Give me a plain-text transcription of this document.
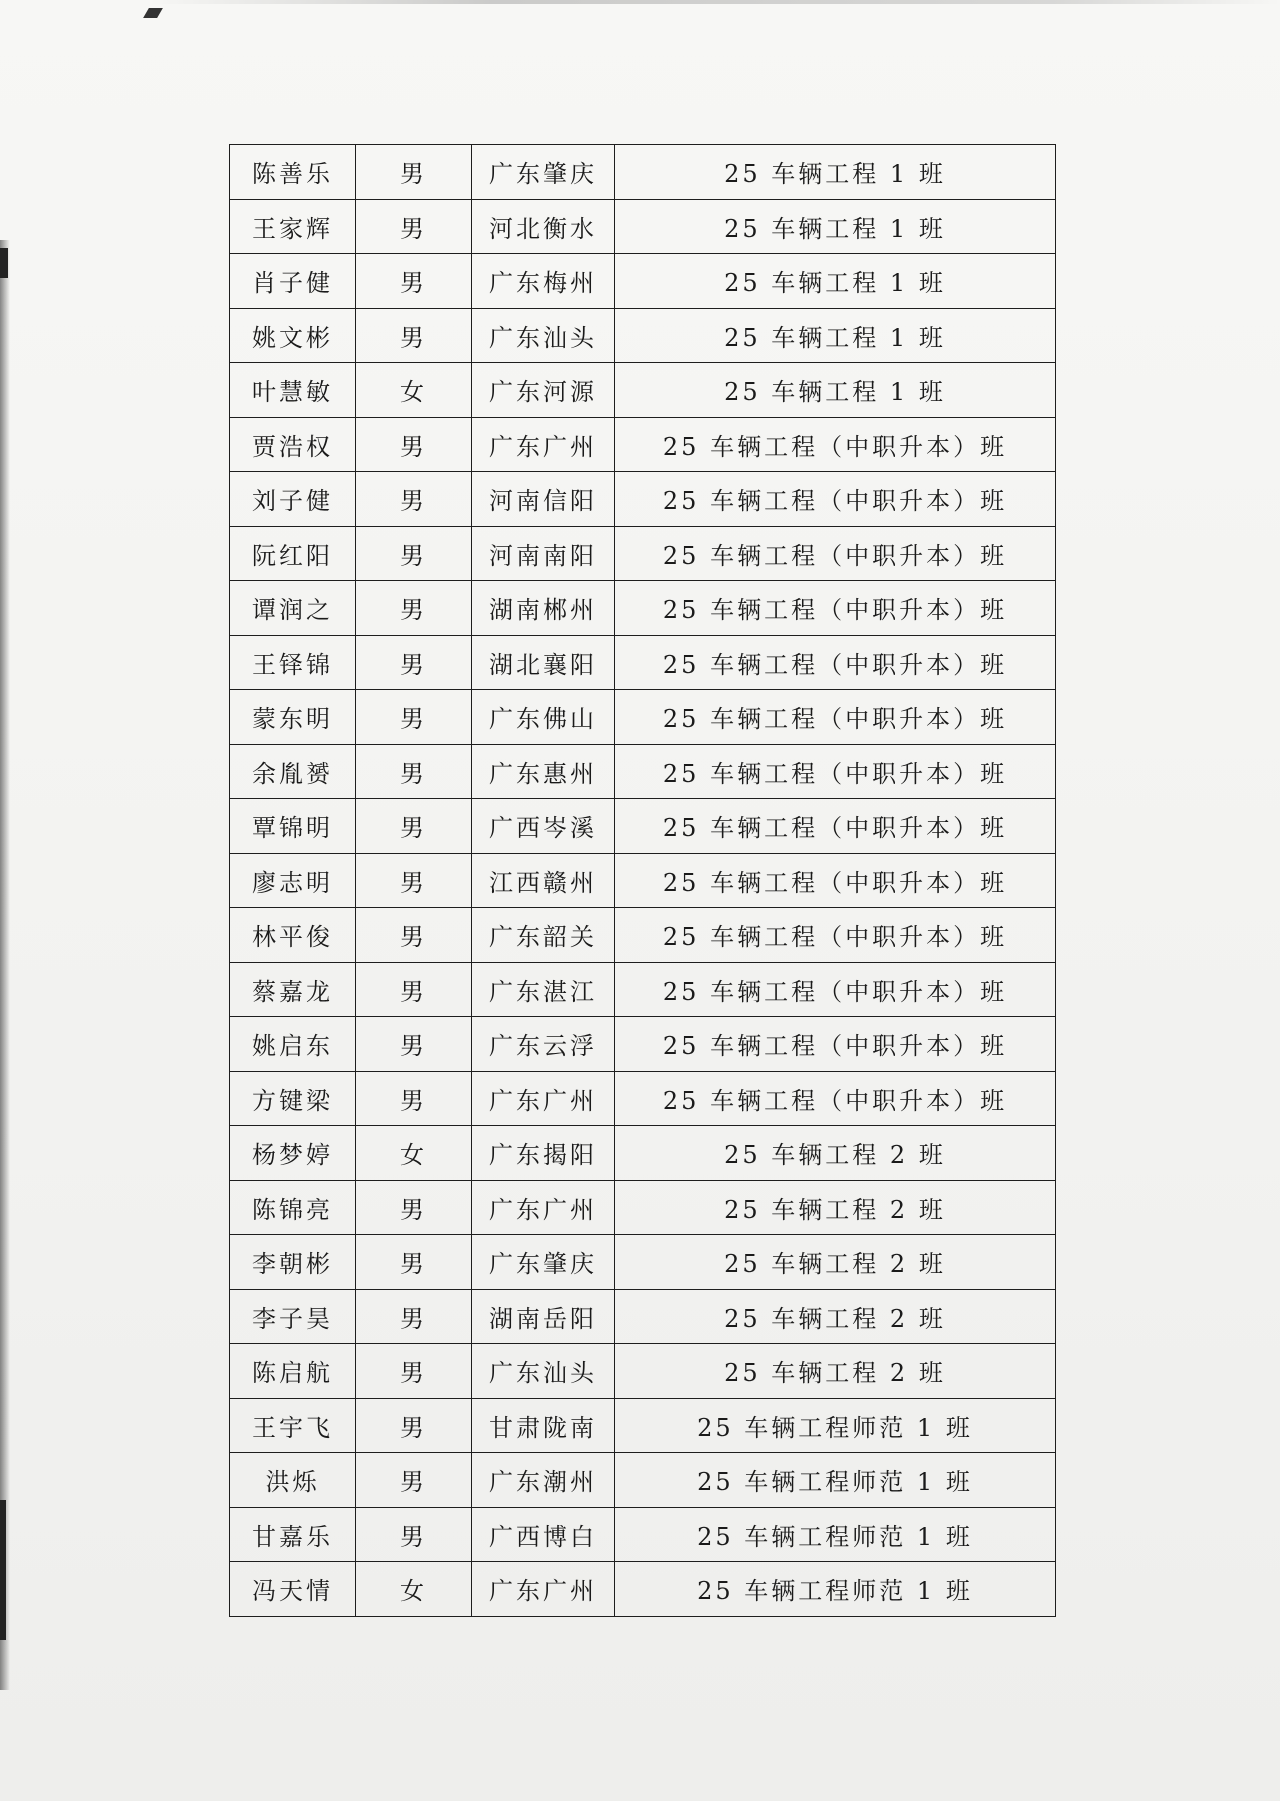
陈善乐	男	广东肇庆	25 车辆工程 1 班
王家辉	男	河北衡水	25 车辆工程 1 班
肖子健	男	广东梅州	25 车辆工程 1 班
姚文彬	男	广东汕头	25 车辆工程 1 班
叶慧敏	女	广东河源	25 车辆工程 1 班
贾浩权	男	广东广州	25 车辆工程（中职升本）班
刘子健	男	河南信阳	25 车辆工程（中职升本）班
阮红阳	男	河南南阳	25 车辆工程（中职升本）班
谭润之	男	湖南郴州	25 车辆工程（中职升本）班
王铎锦	男	湖北襄阳	25 车辆工程（中职升本）班
蒙东明	男	广东佛山	25 车辆工程（中职升本）班
余胤赟	男	广东惠州	25 车辆工程（中职升本）班
覃锦明	男	广西岑溪	25 车辆工程（中职升本）班
廖志明	男	江西赣州	25 车辆工程（中职升本）班
林平俊	男	广东韶关	25 车辆工程（中职升本）班
蔡嘉龙	男	广东湛江	25 车辆工程（中职升本）班
姚启东	男	广东云浮	25 车辆工程（中职升本）班
方键梁	男	广东广州	25 车辆工程（中职升本）班
杨梦婷	女	广东揭阳	25 车辆工程 2 班
陈锦亮	男	广东广州	25 车辆工程 2 班
李朝彬	男	广东肇庆	25 车辆工程 2 班
李子昊	男	湖南岳阳	25 车辆工程 2 班
陈启航	男	广东汕头	25 车辆工程 2 班
王宇飞	男	甘肃陇南	25 车辆工程师范 1 班
洪烁	男	广东潮州	25 车辆工程师范 1 班
甘嘉乐	男	广西博白	25 车辆工程师范 1 班
冯天情	女	广东广州	25 车辆工程师范 1 班
